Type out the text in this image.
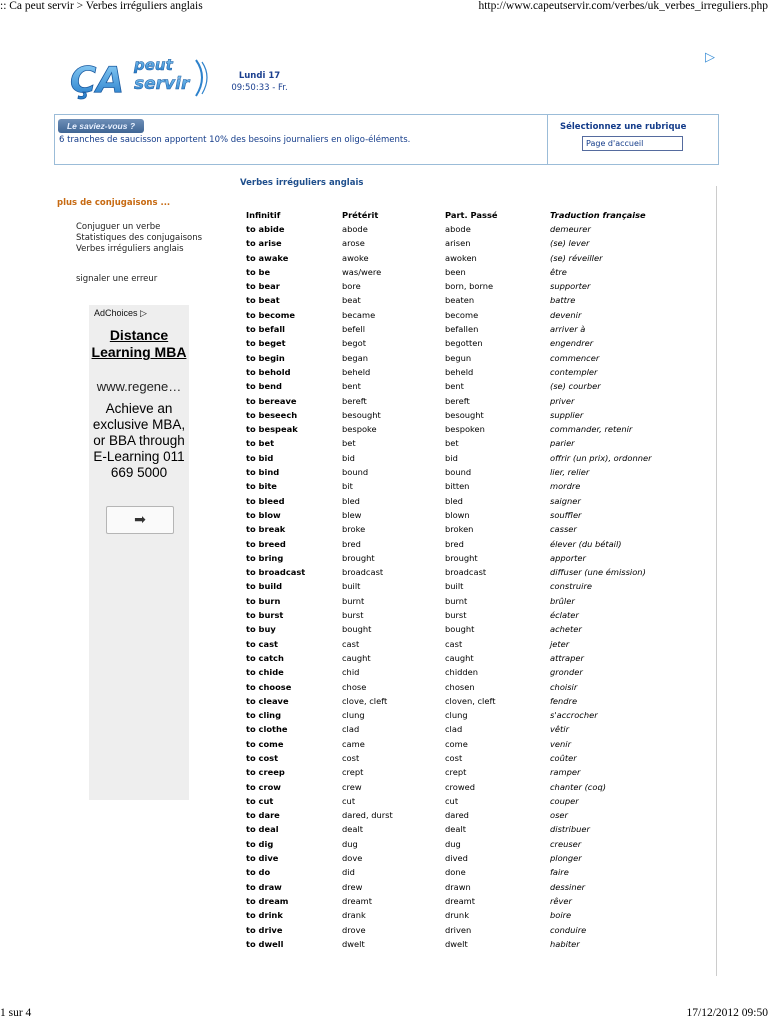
:: Ca peut servir > Verbes irréguliers anglais	http://www.capeutservir.com/verbes/uk_verbes_irreguliers.php
ÇA peut
servir	Lundi 17
09:50:33 - Fr.
▷
Le saviez-vous ?
6 tranches de saucisson apportent 10% des besoins journaliers en oligo-éléments.
Sélectionnez une rubrique
Page d'accueil
plus de conjugaisons ...
Conjuguer un verbe
Statistiques des conjugaisons
Verbes irréguliers anglais
signaler une erreur
AdChoices ▷
Distance Learning MBA
www.regene…
Achieve an exclusive MBA, or BBA through E-Learning 011 669 5000
➡
Verbes irréguliers anglais
Infinitif	Prétérit	Part. Passé	Traduction française
to abide	abode	abode	demeurer
to arise	arose	arisen	(se) lever
to awake	awoke	awoken	(se) réveiller
to be	was/were	been	être
to bear	bore	born, borne	supporter
to beat	beat	beaten	battre
to become	became	become	devenir
to befall	befell	befallen	arriver à
to beget	begot	begotten	engendrer
to begin	began	begun	commencer
to behold	beheld	beheld	contempler
to bend	bent	bent	(se) courber
to bereave	bereft	bereft	priver
to beseech	besought	besought	supplier
to bespeak	bespoke	bespoken	commander, retenir
to bet	bet	bet	parier
to bid	bid	bid	offrir (un prix), ordonner
to bind	bound	bound	lier, relier
to bite	bit	bitten	mordre
to bleed	bled	bled	saigner
to blow	blew	blown	souffler
to break	broke	broken	casser
to breed	bred	bred	élever (du bétail)
to bring	brought	brought	apporter
to broadcast	broadcast	broadcast	diffuser (une émission)
to build	built	built	construire
to burn	burnt	burnt	brûler
to burst	burst	burst	éclater
to buy	bought	bought	acheter
to cast	cast	cast	jeter
to catch	caught	caught	attraper
to chide	chid	chidden	gronder
to choose	chose	chosen	choisir
to cleave	clove, cleft	cloven, cleft	fendre
to cling	clung	clung	s'accrocher
to clothe	clad	clad	vêtir
to come	came	come	venir
to cost	cost	cost	coûter
to creep	crept	crept	ramper
to crow	crew	crowed	chanter (coq)
to cut	cut	cut	couper
to dare	dared, durst	dared	oser
to deal	dealt	dealt	distribuer
to dig	dug	dug	creuser
to dive	dove	dived	plonger
to do	did	done	faire
to draw	drew	drawn	dessiner
to dream	dreamt	dreamt	rêver
to drink	drank	drunk	boire
to drive	drove	driven	conduire
to dwell	dwelt	dwelt	habiter
1 sur 4	17/12/2012 09:50
